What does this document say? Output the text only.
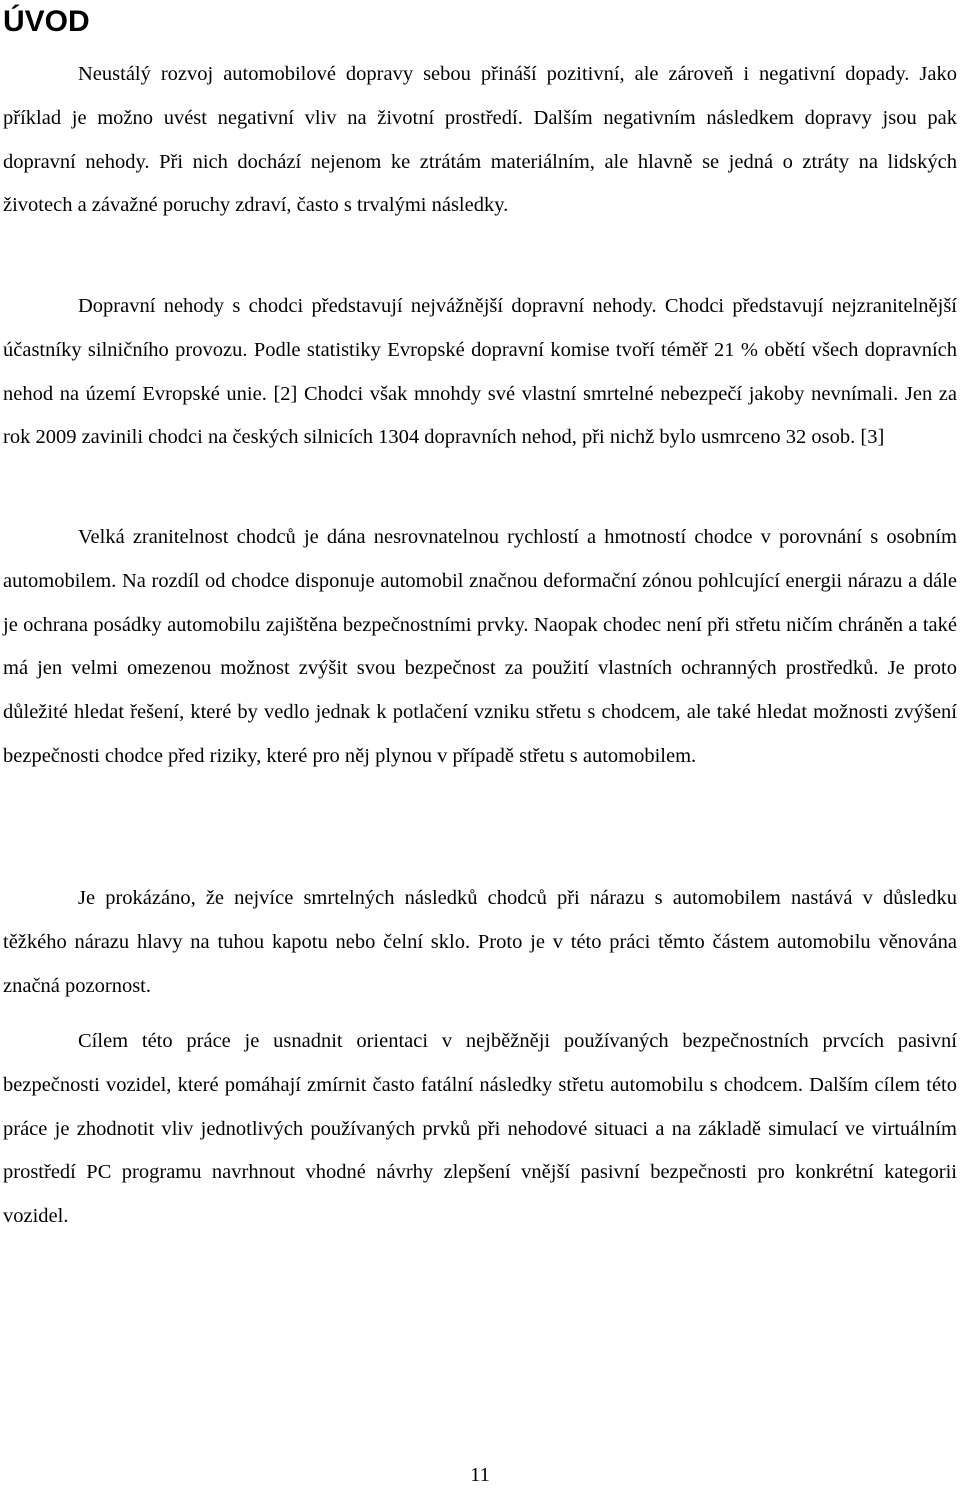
ÚVOD

Neustálý rozvoj automobilové dopravy sebou přináší pozitivní, ale zároveň i negativní dopady. Jako příklad je možno uvést negativní vliv na životní prostředí. Dalším negativním následkem dopravy jsou pak dopravní nehody. Při nich dochází nejenom ke ztrátám materiálním, ale hlavně se jedná o ztráty na lidských životech a závažné poruchy zdraví, často s trvalými následky.

Dopravní nehody s chodci představují nejvážnější dopravní nehody. Chodci představují nejzranitelnější účastníky silničního provozu. Podle statistiky Evropské dopravní komise tvoří téměř 21 % obětí všech dopravních nehod na území Evropské unie. [2] Chodci však mnohdy své vlastní smrtelné nebezpečí jakoby nevnímali. Jen za rok 2009 zavinili chodci na českých silnicích 1304 dopravních nehod, při nichž bylo usmrceno 32 osob. [3]

Velká zranitelnost chodců je dána nesrovnatelnou rychlostí a hmotností chodce v porovnání s osobním automobilem. Na rozdíl od chodce disponuje automobil značnou deformační zónou pohlcující energii nárazu a dále je ochrana posádky automobilu zajištěna bezpečnostními prvky. Naopak chodec není při střetu ničím chráněn a také má jen velmi omezenou možnost zvýšit svou bezpečnost za použití vlastních ochranných prostředků. Je proto důležité hledat řešení, které by vedlo jednak k potlačení vzniku střetu s chodcem, ale také hledat možnosti zvýšení bezpečnosti chodce před riziky, které pro něj plynou v případě střetu s automobilem.

Je prokázáno, že nejvíce smrtelných následků chodců při nárazu s automobilem nastává v důsledku těžkého nárazu hlavy na tuhou kapotu nebo čelní sklo. Proto je v této práci těmto částem automobilu věnována značná pozornost.

Cílem této práce je usnadnit orientaci v nejběžněji používaných bezpečnostních prvcích pasivní bezpečnosti vozidel, které pomáhají zmírnit často fatální následky střetu automobilu s chodcem. Dalším cílem této práce je zhodnotit vliv jednotlivých používaných prvků při nehodové situaci a na základě simulací ve virtuálním prostředí PC programu navrhnout vhodné návrhy zlepšení vnější pasivní bezpečnosti pro konkrétní kategorii vozidel.

11
